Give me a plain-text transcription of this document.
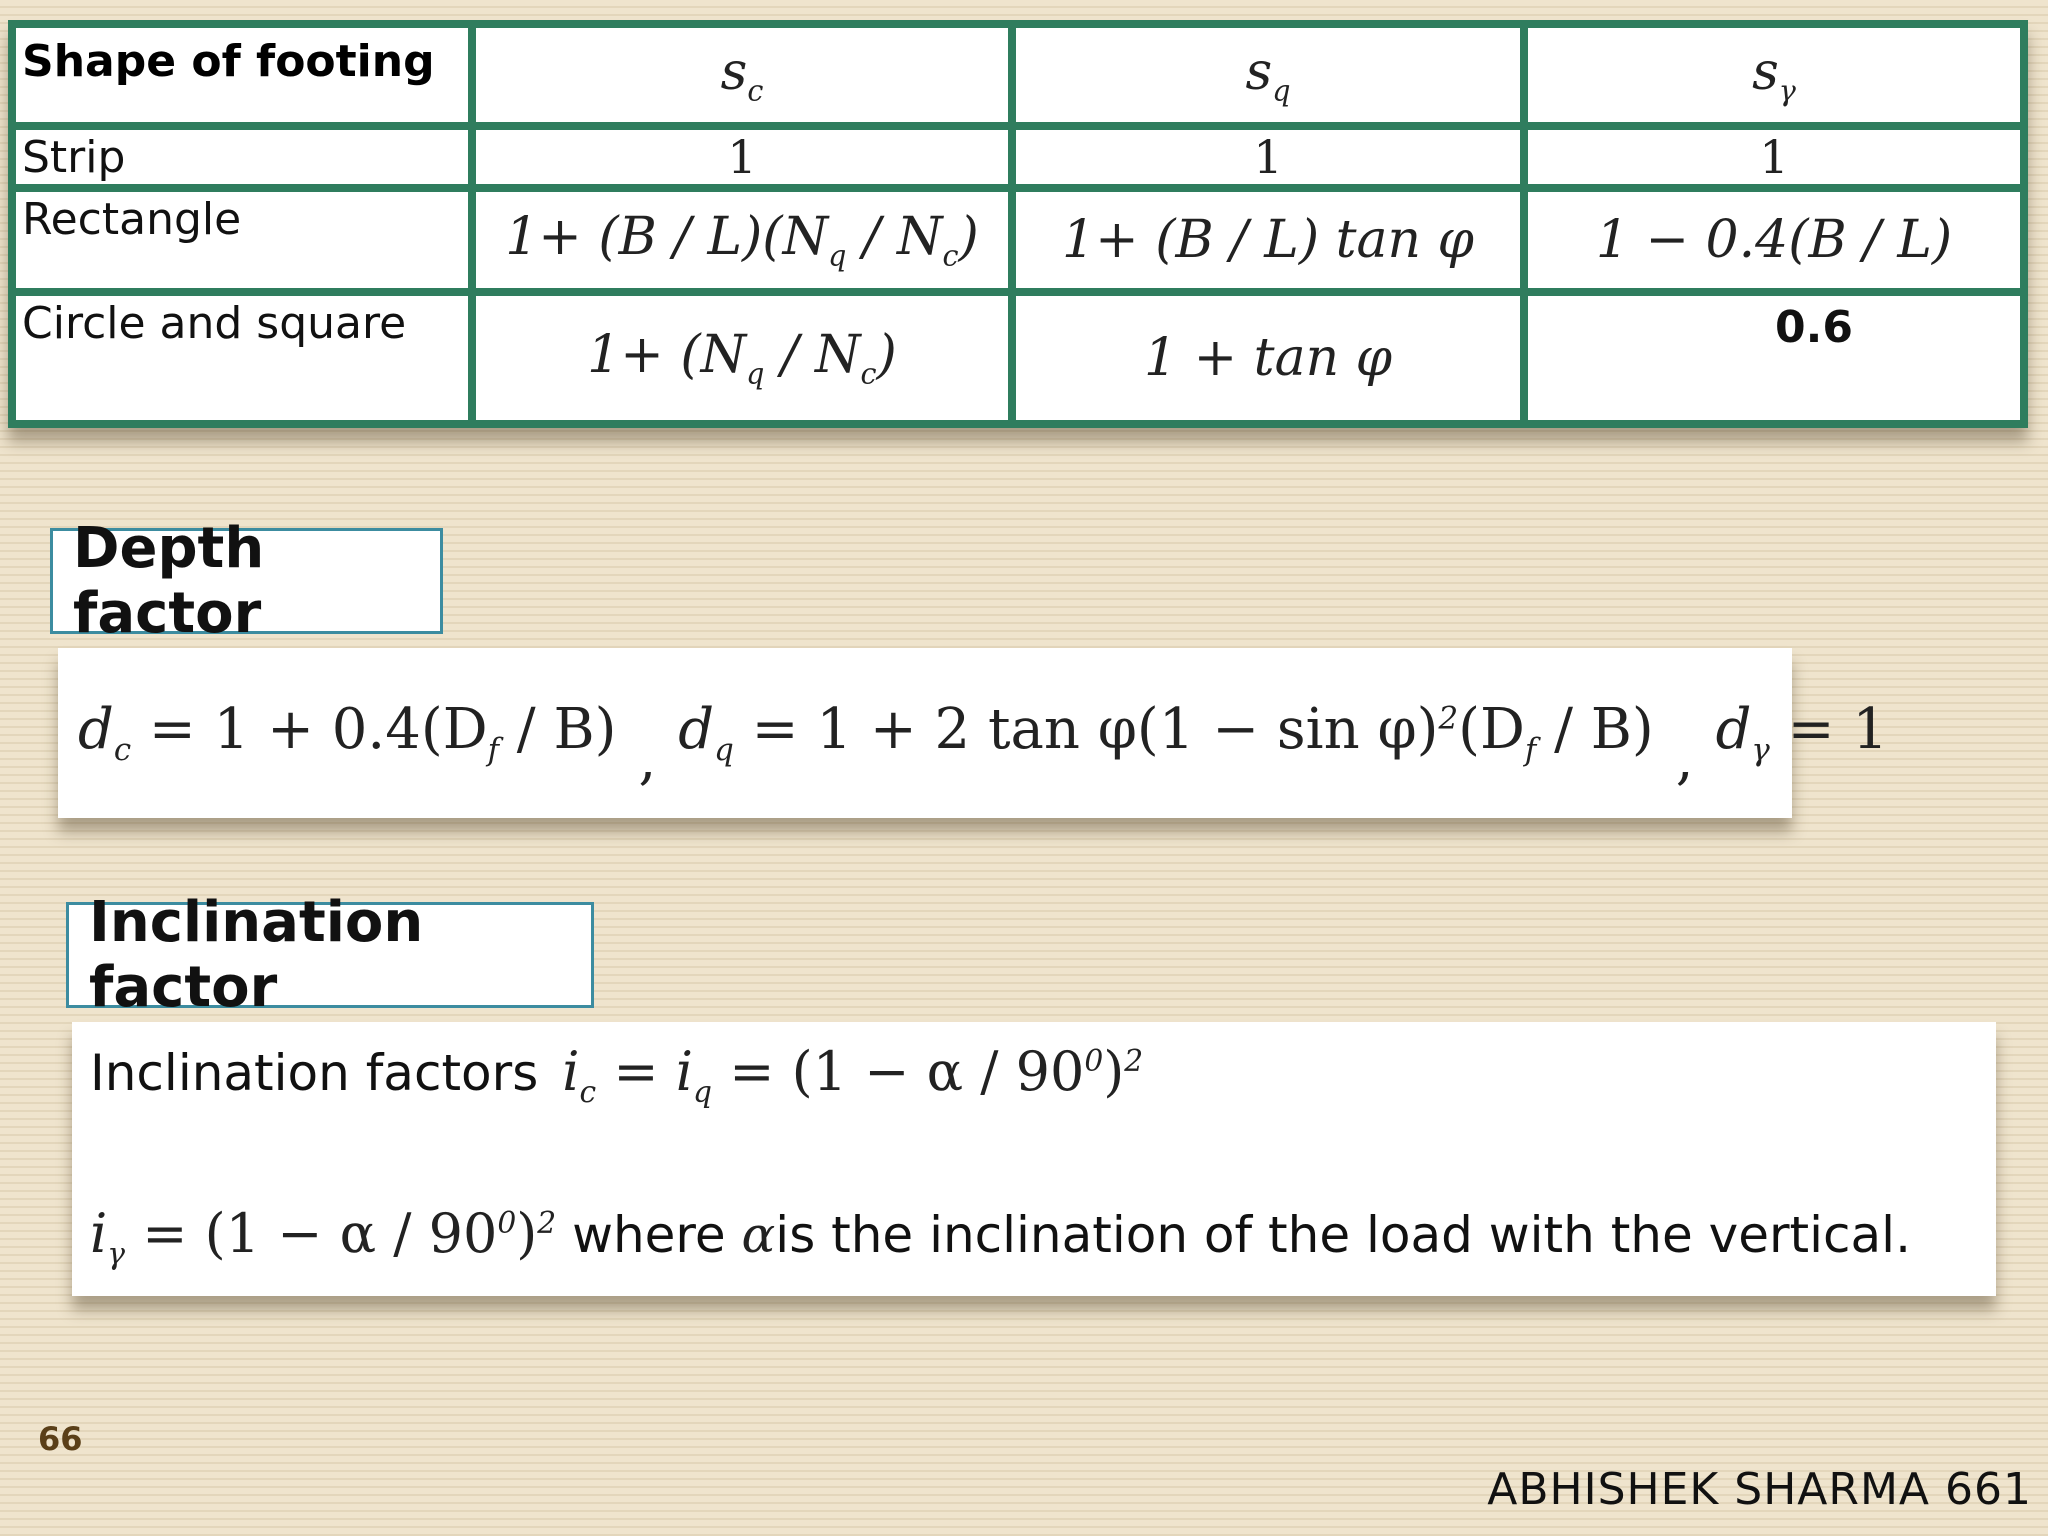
Shape of footing	$s_c$	$s_q$	$s_\gamma$
Strip	1	1	1
Rectangle	$1+ (B / L)(N_q / N_c)$	1+ (B / L) tan φ	1 − 0.4(B / L)
Circle and square	$1+ (N_q / N_c)$	1 + tan φ	0.6
Depth factor
$d_c = 1 + 0.4(D_f / B)$ , $d_q = 1 + 2$ $\tan \varphi(1 - \sin \varphi)^2(D_f / B)$ , $d_\gamma = 1$
Inclination factor
Inclination factors $i_c = i_q = (1 - \alpha / 90^0)^2$
$i_\gamma = (1 - \alpha / 90^0)^2$ where α is the inclination of the load with the vertical.
66
ABHISHEK SHARMA 661
